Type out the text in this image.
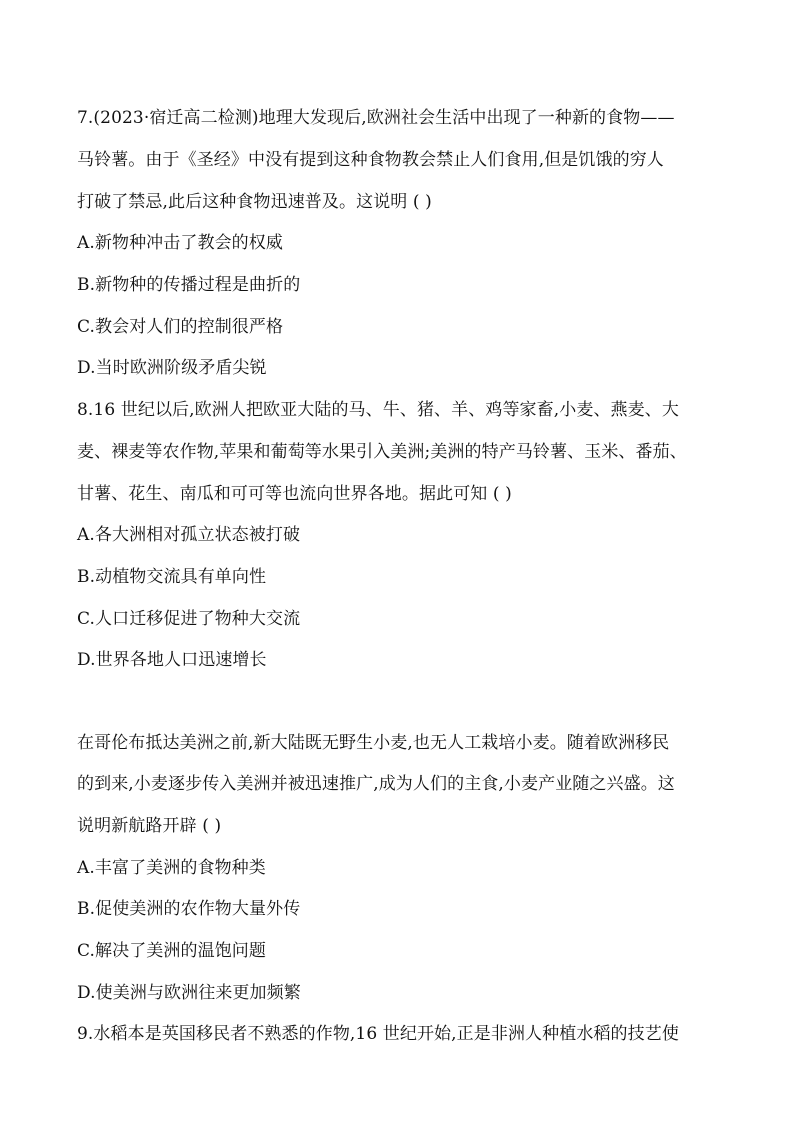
7.(2023·宿迁高二检测)地理大发现后,欧洲社会生活中出现了一种新的食物——
马铃薯。由于《圣经》中没有提到这种食物教会禁止人们食用,但是饥饿的穷人
打破了禁忌,此后这种食物迅速普及。这说明 ( )
A.新物种冲击了教会的权威
B.新物种的传播过程是曲折的
C.教会对人们的控制很严格
D.当时欧洲阶级矛盾尖锐
8.16 世纪以后,欧洲人把欧亚大陆的马、牛、猪、羊、鸡等家畜,小麦、燕麦、大
麦、裸麦等农作物,苹果和葡萄等水果引入美洲;美洲的特产马铃薯、玉米、番茄、
甘薯、花生、南瓜和可可等也流向世界各地。据此可知 ( )
A.各大洲相对孤立状态被打破
B.动植物交流具有单向性
C.人口迁移促进了物种大交流
D.世界各地人口迅速增长
在哥伦布抵达美洲之前,新大陆既无野生小麦,也无人工栽培小麦。随着欧洲移民
的到来,小麦逐步传入美洲并被迅速推广,成为人们的主食,小麦产业随之兴盛。这
说明新航路开辟 ( )
A.丰富了美洲的食物种类
B.促使美洲的农作物大量外传
C.解决了美洲的温饱问题
D.使美洲与欧洲往来更加频繁
9.水稻本是英国移民者不熟悉的作物,16 世纪开始,正是非洲人种植水稻的技艺使
